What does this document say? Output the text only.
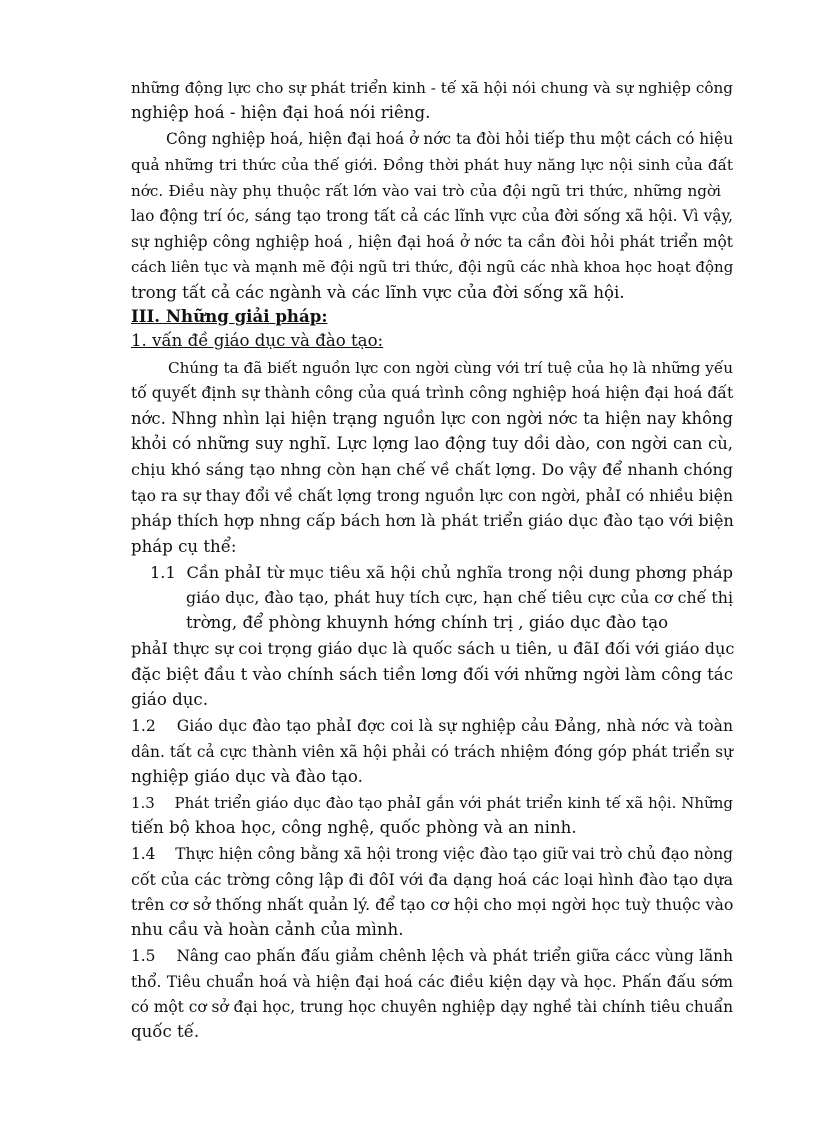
những động lực cho sự phát triển kinh - tế xã hội nói chung và sự nghiệp công
nghiệp hoá - hiện đại hoá nói riêng.
Công nghiệp hoá, hiện đại hoá ở nớc ta đòi hỏi tiếp thu một cách có hiệu
quả những tri thức của thế giới. Đồng thời phát huy năng lực nội sinh của đất
nớc. Điều này phụ thuộc rất lớn vào vai trò của đội ngũ tri thức, những ngời
lao động trí óc, sáng tạo trong tất cả các lĩnh vực của đời sống xã hội. Vì vậy,
sự nghiệp công nghiệp hoá , hiện đại hoá ở nớc ta cần đòi hỏi phát triển một
cách liên tục và mạnh mẽ đội ngũ tri thức, đội ngũ các nhà khoa học hoạt động
trong tất cả các ngành và các lĩnh vực của đời sống xã hội.
III. Những giải pháp:
1. vấn đề giáo dục và đào tạo:
Chúng ta đã biết nguồn lực con ngời cùng với trí tuệ của họ là những yếu
tố quyết định sự thành công của quá trình công nghiệp hoá hiện đại hoá đất
nớc. Nhng nhìn lại hiện trạng nguồn lực con ngời nớc ta hiện nay không
khỏi có những suy nghĩ. Lực lợng lao động tuy dồi dào, con ngời can cù,
chịu khó sáng tạo nhng còn hạn chế về chất lợng. Do vậy để nhanh chóng
tạo ra sự thay đổi về chất lợng trong nguồn lực con ngời, phảI có nhiều biện
pháp thích hợp nhng cấp bách hơn là phát triển giáo dục đào tạo với biện
pháp cụ thể:
1.1  Cần phảI từ mục tiêu xã hội chủ nghĩa trong nội dung phơng pháp
giáo dục, đào tạo, phát huy tích cực, hạn chế tiêu cực của cơ chế thị
trờng, để phòng khuynh hớng chính trị , giáo dục đào tạo
phảI thực sự coi trọng giáo dục là quốc sách u tiên, u đãI đối với giáo dục
đặc biệt đầu t vào chính sách tiền lơng đối với những ngời làm công tác
giáo dục.
1.2    Giáo dục đào tạo phảI đợc coi là sự nghiệp cảu Đảng, nhà nớc và toàn
dân. tất cả cực thành viên xã hội phải có trách nhiệm đóng góp phát triển sự
nghiệp giáo dục và đào tạo.
1.3    Phát triển giáo dục đào tạo phảI gắn với phát triển kinh tế xã hội. Những
tiến bộ khoa học, công nghệ, quốc phòng và an ninh.
1.4    Thực hiện công bằng xã hội trong việc đào tạo giữ vai trò chủ đạo nòng
cốt của các trờng công lập đi đôI với đa dạng hoá các loại hình đào tạo dựa
trên cơ sở thống nhất quản lý. để tạo cơ hội cho mọi ngời học tuỳ thuộc vào
nhu cầu và hoàn cảnh của mình.
1.5    Nâng cao phấn đấu giảm chênh lệch và phát triển giữa cácc vùng lãnh
thổ. Tiêu chuẩn hoá và hiện đại hoá các điều kiện dạy và học. Phấn đấu sớm
có một cơ sở đại học, trung học chuyên nghiệp dạy nghề tài chính tiêu chuẩn
quốc tế.
